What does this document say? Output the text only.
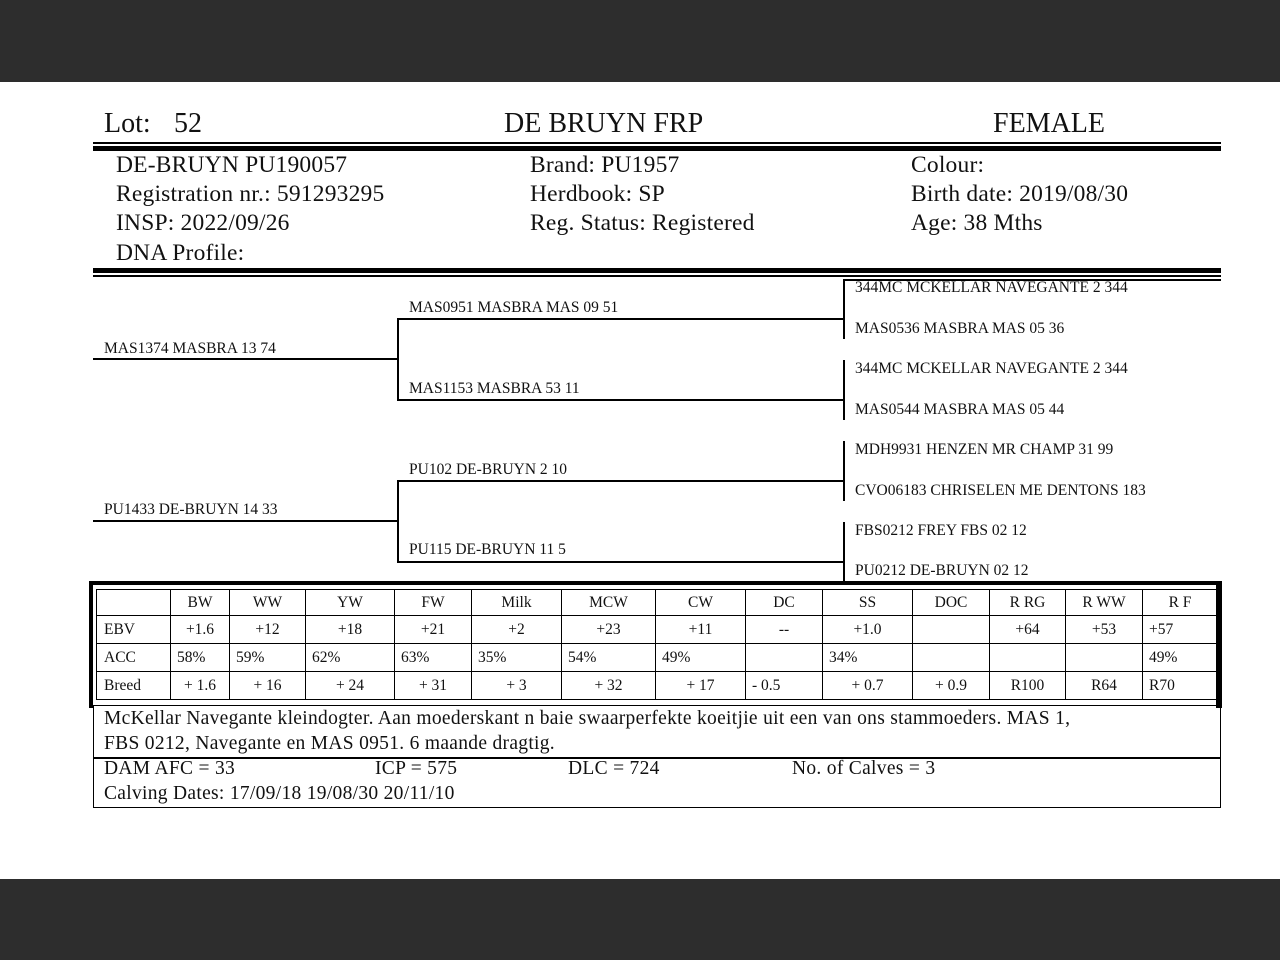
Lot: 52	DE BRUYN FRP	FEMALE
DE-BRUYN PU190057
Registration nr.: 591293295
INSP: 2022/09/26
DNA Profile:
Brand: PU1957
Herdbook: SP
Reg. Status: Registered
Colour:
Birth date: 2019/08/30
Age: 38 Mths
MAS1374 MASBRA 13 74
MAS0951 MASBRA MAS 09 51
MAS1153 MASBRA 53 11
344MC MCKELLAR NAVEGANTE 2 344
MAS0536 MASBRA MAS 05 36
344MC MCKELLAR NAVEGANTE 2 344
MAS0544 MASBRA MAS 05 44
PU1433 DE-BRUYN 14 33
PU102 DE-BRUYN 2 10
PU115 DE-BRUYN 11 5
MDH9931 HENZEN MR CHAMP 31 99
CVO06183 CHRISELEN ME DENTONS 183
FBS0212 FREY FBS 02 12
PU0212 DE-BRUYN 02 12
	BW	WW	YW	FW	Milk	MCW	CW	DC	SS	DOC	R RG	R WW	R F
EBV	+1.6	+12	+18	+21	+2	+23	+11	--	+1.0		+64	+53	+57
ACC	58%	59%	62%	63%	35%	54%	49%		34%				49%
Breed	+ 1.6	+ 16	+ 24	+ 31	+ 3	+ 32	+ 17	- 0.5	+ 0.7	+ 0.9	R100	R64	R70
McKellar Navegante kleindogter. Aan moederskant n baie swaarperfekte koeitjie uit een van ons stammoeders. MAS 1,
FBS 0212, Navegante en MAS 0951. 6 maande dragtig.
DAM AFC = 33	ICP = 575	DLC = 724	No. of Calves = 3
Calving Dates: 17/09/18 19/08/30 20/11/10
